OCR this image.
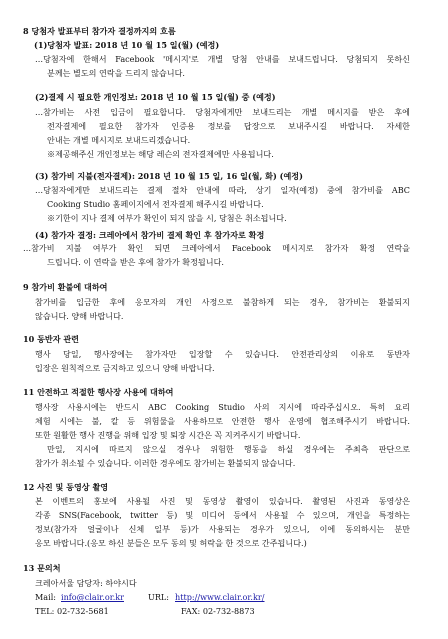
8 당첨자 발표부터 참가자 결정까지의 흐름
(1)당첨자 발표: 2018 년 10 월 15 일(월) (예정)
…당첨자에 한해서 Facebook '메시지'로 개별 당첨 안내를 보내드립니다. 당첨되지 못하신
분께는 별도의 연락을 드리지 않습니다.
(2)결제 시 필요한 개인정보: 2018 년 10 월 15 일(월) 중 (예정)
…참가비는 사전 입금이 필요합니다. 당첨자에게만 보내드리는 개별 메시지를 받은 후에
전자결제에 필요한 참가자 인증용 정보를 답장으로 보내주시길 바랍니다. 자세한
안내는 개별 메시지로 보내드리겠습니다.
※제공해주신 개인정보는 해당 레슨의 전자결제에만 사용됩니다.
(3) 참가비 지불(전자결제): 2018 년 10 월 15 일, 16 일(월, 화) (예정)
…당첨자에게만 보내드리는 결제 절차 안내에 따라, 상기 일자(예정) 중에 참가비를 ABC
Cooking Studio 홈페이지에서 전자결제 해주시길 바랍니다.
※기한이 지나 결제 여부가 확인이 되지 않을 시, 당첨은 취소됩니다.
(4) 참가자 결정: 크레아에서 참가비 결제 확인 후 참가자로 확정
…참가비 지불 여부가 확인 되면 크레아에서 Facebook 메시지로 참가자 확정 연락을
드립니다. 이 연락을 받은 후에 참가가 확정됩니다.
9 참가비 환불에 대하여
참가비를 입금한 후에 응모자의 개인 사정으로 불참하게 되는 경우, 참가비는 환불되지
않습니다. 양해 바랍니다.
10 동반자 관련
행사 당일, 행사장에는 참가자만 입장할 수 있습니다. 안전관리상의 이유로 동반자
입장은 원칙적으로 금지하고 있으니 양해 바랍니다.
11 안전하고 적절한 행사장 사용에 대하여
행사장 사용시에는 반드시 ABC Cooking Studio 사의 지시에 따라주십시오. 특히 요리
체험 시에는 불, 칼 등 위험물을 사용하므로 안전한 행사 운영에 협조해주시기 바랍니다.
또한 원활한 행사 진행을 위해 입장 및 퇴장 시간은 꼭 지켜주시기 바랍니다.
만일, 지시에 따르지 않으실 경우나 위험한 행동을 하실 경우에는 주최측 판단으로
참가가 취소될 수 있습니다. 이러한 경우에도 참가비는 환불되지 않습니다.
12 사진 및 동영상 촬영
본 이벤트의 홍보에 사용될 사진 및 동영상 촬영이 있습니다. 촬영된 사진과 동영상은
각종 SNS(Facebook, twitter 등) 및 미디어 등에서 사용될 수 있으며, 개인을 특정하는
정보(참가자 얼굴이나 신체 일부 등)가 사용되는 경우가 있으니, 이에 동의하시는 분만
응모 바랍니다.(응모 하신 분들은 모두 동의 및 허락을 한 것으로 간주됩니다.)
13 문의처
크레아서울 담당자: 하야시다
Mail: info@clair.or.kr	URL: http://www.clair.or.kr/
TEL: 02-732-5681	FAX: 02-732-8873
